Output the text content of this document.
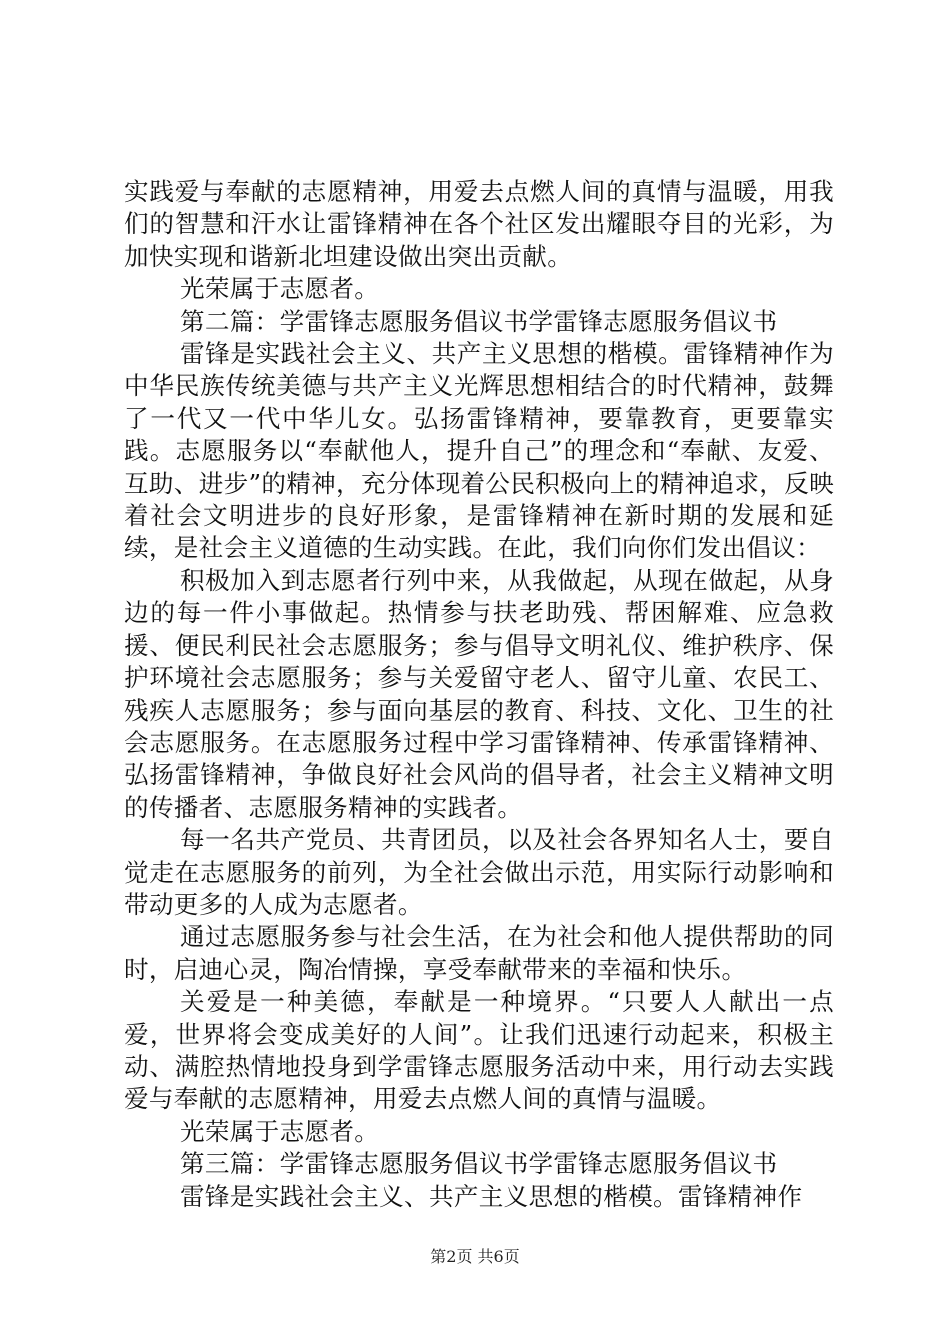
实践爱与奉献的志愿精神，用爱去点燃人间的真情与温暖，用我们的智慧和汗水让雷锋精神在各个社区发出耀眼夺目的光彩，为加快实现和谐新北坦建设做出突出贡献。

光荣属于志愿者。

第二篇：学雷锋志愿服务倡议书学雷锋志愿服务倡议书

雷锋是实践社会主义、共产主义思想的楷模。雷锋精神作为中华民族传统美德与共产主义光辉思想相结合的时代精神，鼓舞了一代又一代中华儿女。弘扬雷锋精神，要靠教育，更要靠实践。志愿服务以“奉献他人，提升自己”的理念和“奉献、友爱、互助、进步”的精神，充分体现着公民积极向上的精神追求，反映着社会文明进步的良好形象，是雷锋精神在新时期的发展和延续，是社会主义道德的生动实践。在此，我们向你们发出倡议：

积极加入到志愿者行列中来，从我做起，从现在做起，从身边的每一件小事做起。热情参与扶老助残、帮困解难、应急救援、便民利民社会志愿服务；参与倡导文明礼仪、维护秩序、保护环境社会志愿服务；参与关爱留守老人、留守儿童、农民工、残疾人志愿服务；参与面向基层的教育、科技、文化、卫生的社会志愿服务。在志愿服务过程中学习雷锋精神、传承雷锋精神、弘扬雷锋精神，争做良好社会风尚的倡导者，社会主义精神文明的传播者、志愿服务精神的实践者。

每一名共产党员、共青团员，以及社会各界知名人士，要自觉走在志愿服务的前列，为全社会做出示范，用实际行动影响和带动更多的人成为志愿者。

通过志愿服务参与社会生活，在为社会和他人提供帮助的同时，启迪心灵，陶冶情操，享受奉献带来的幸福和快乐。

关爱是一种美德，奉献是一种境界。“只要人人献出一点爱，世界将会变成美好的人间”。让我们迅速行动起来，积极主动、满腔热情地投身到学雷锋志愿服务活动中来，用行动去实践爱与奉献的志愿精神，用爱去点燃人间的真情与温暖。

光荣属于志愿者。

第三篇：学雷锋志愿服务倡议书学雷锋志愿服务倡议书

雷锋是实践社会主义、共产主义思想的楷模。雷锋精神作

第2页 共6页
